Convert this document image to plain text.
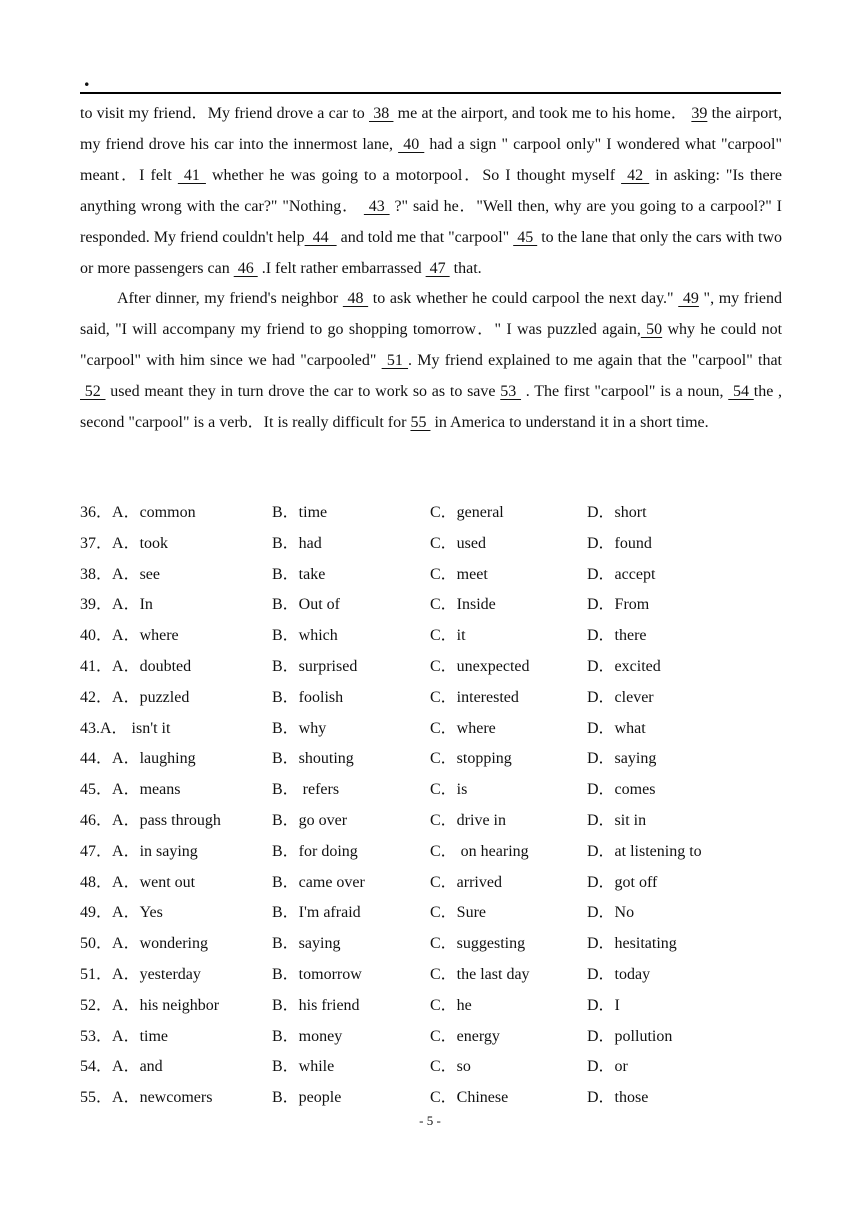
.

to visit my friend．My friend drove a car to  38  me at the airport, and took me to his home． 39 the airport, my friend drove his car into the innermost lane,  40  had a sign " carpool only" I wondered what "carpool" meant．I felt  41  whether he was going to a motorpool．So I thought myself  42  in asking: "Is there anything wrong with the car?" "Nothing．  43  ?" said he．"Well then, why are you going to a carpool?" I responded. My friend couldn't help  44   and told me that "carpool"  45  to the lane that only the cars with two or more passengers can  46  .I felt rather embarrassed  47  that.

After dinner, my friend's neighbor  48  to ask whether he could carpool the next day."  49 ", my friend said, "I will accompany my friend to go shopping tomorrow．" I was puzzled again, 50 why he could not "carpool" with him since we had "carpooled"  51 . My friend explained to me again that the "carpool" that  52  used meant they in turn drove the car to work so as to save 53  . The first "carpool" is a noun,  54 the , second "carpool" is a verb．It is really difficult for 55  in America to understand it in a short time.

36．A．common	B．time	C．general	D．short
37．A．took	B．had	C．used	D．found
38．A．see	B．take	C．meet	D．accept
39．A．In	B．Out of	C．Inside	D．From
40．A．where	B．which	C．it	D．there
41．A．doubted	B．surprised	C．unexpected	D．excited
42．A．puzzled	B．foolish	C．interested	D．clever
43.A． isn't it	B．why	C．where	D．what
44．A．laughing	B．shouting	C．stopping	D．saying
45．A．means	B． refers	C．is	D．comes
46．A．pass through	B．go over	C．drive in	D．sit in
47．A．in saying	B．for doing	C． on hearing	D．at listening to
48．A．went out	B．came over	C．arrived	D．got off
49．A．Yes	B．I'm afraid	C．Sure	D．No
50．A．wondering	B．saying	C．suggesting	D．hesitating
51．A．yesterday	B．tomorrow	C．the last day	D．today
52．A．his neighbor	B．his friend	C．he	D．I
53．A．time	B．money	C．energy	D．pollution
54．A．and	B．while	C．so	D．or
55．A．newcomers	B．people	C．Chinese	D．those
- 5 -
